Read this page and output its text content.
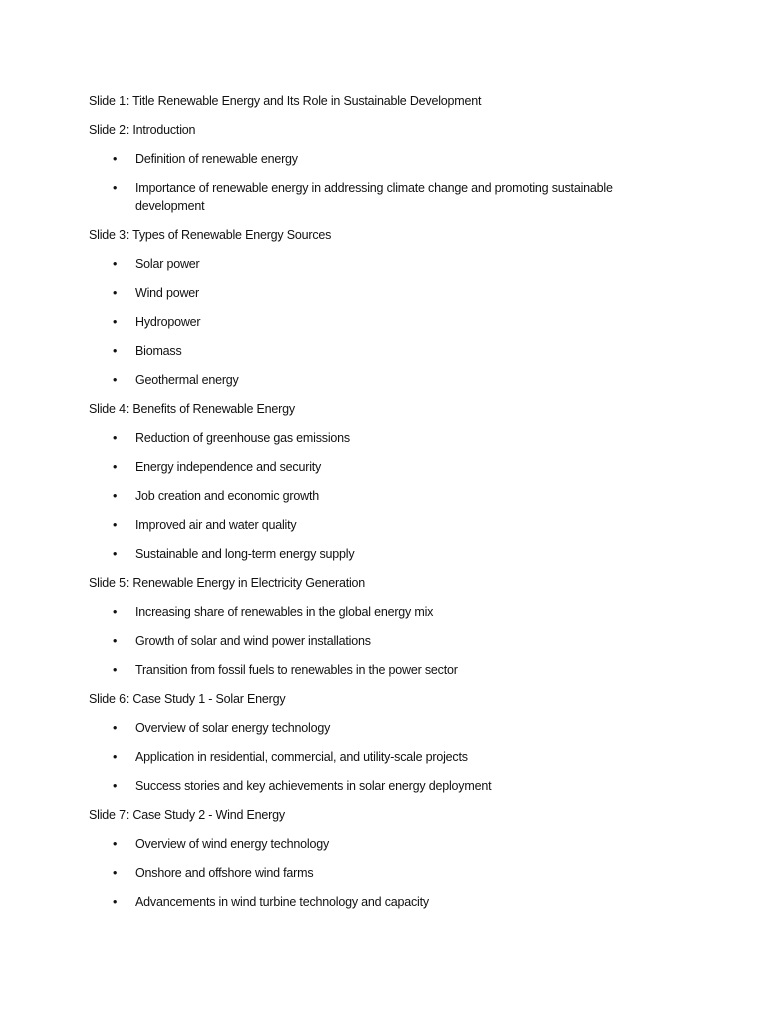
Slide 1: Title Renewable Energy and Its Role in Sustainable Development
Slide 2: Introduction
• Definition of renewable energy
• Importance of renewable energy in addressing climate change and promoting sustainable development
Slide 3: Types of Renewable Energy Sources
• Solar power
• Wind power
• Hydropower
• Biomass
• Geothermal energy
Slide 4: Benefits of Renewable Energy
• Reduction of greenhouse gas emissions
• Energy independence and security
• Job creation and economic growth
• Improved air and water quality
• Sustainable and long-term energy supply
Slide 5: Renewable Energy in Electricity Generation
• Increasing share of renewables in the global energy mix
• Growth of solar and wind power installations
• Transition from fossil fuels to renewables in the power sector
Slide 6: Case Study 1 - Solar Energy
• Overview of solar energy technology
• Application in residential, commercial, and utility-scale projects
• Success stories and key achievements in solar energy deployment
Slide 7: Case Study 2 - Wind Energy
• Overview of wind energy technology
• Onshore and offshore wind farms
• Advancements in wind turbine technology and capacity
